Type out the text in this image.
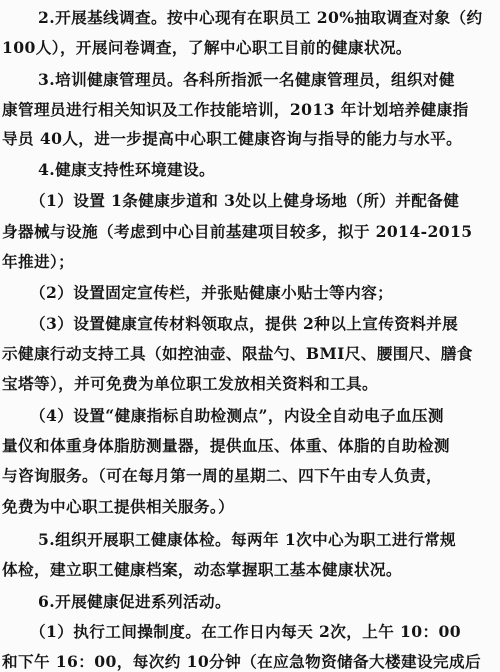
2.开展基线调查。按中心现有在职员工 20%抽取调查对象（约
100人），开展问卷调查，了解中心职工目前的健康状况。
3.培训健康管理员。各科所指派一名健康管理员，组织对健
康管理员进行相关知识及工作技能培训，2013 年计划培养健康指
导员 40人，进一步提高中心职工健康咨询与指导的能力与水平。
4.健康支持性环境建设。
（1）设置 1条健康步道和 3处以上健身场地（所）并配备健
身器械与设施（考虑到中心目前基建项目较多，拟于 2014-2015
年推进）；
（2）设置固定宣传栏，并张贴健康小贴士等内容；
（3）设置健康宣传材料领取点，提供 2种以上宣传资料并展
示健康行动支持工具（如控油壶、限盐勺、BMI尺、腰围尺、膳食
宝塔等），并可免费为单位职工发放相关资料和工具。
（4）设置“健康指标自助检测点”，内设全自动电子血压测
量仪和体重身体脂肪测量器，提供血压、体重、体脂的自助检测
与咨询服务。（可在每月第一周的星期二、四下午由专人负责，
免费为中心职工提供相关服务。）
5.组织开展职工健康体检。每两年 1次中心为职工进行常规
体检，建立职工健康档案，动态掌握职工基本健康状况。
6.开展健康促进系列活动。
（1）执行工间操制度。在工作日内每天 2次，上午 10：00
和下午 16：00，每次约 10分钟（在应急物资储备大楼建设完成后
